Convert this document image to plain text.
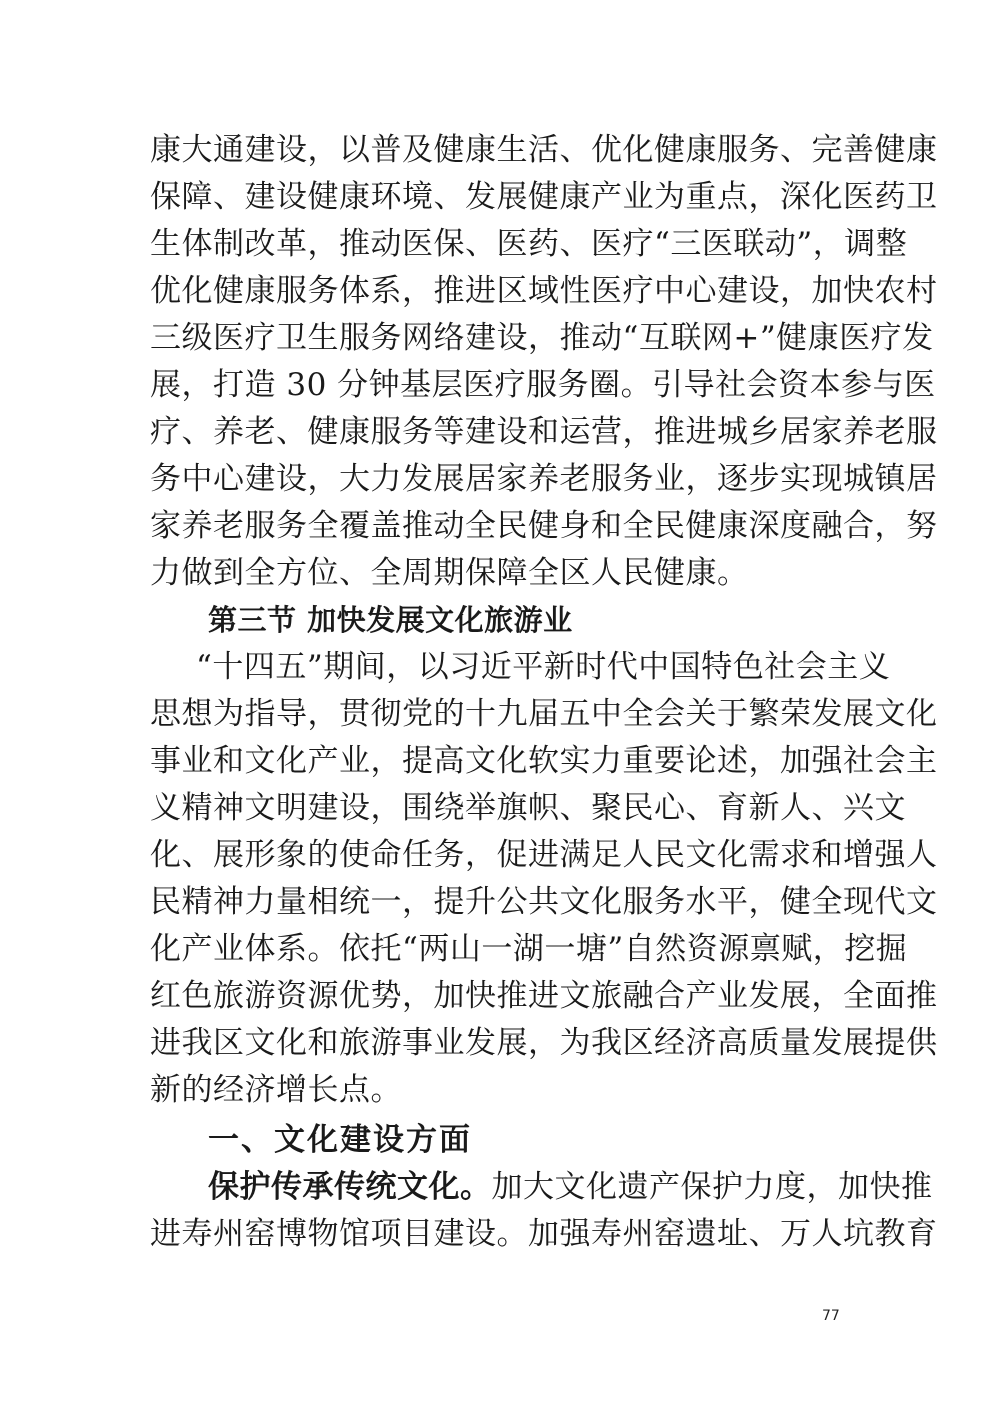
康大通建设，以普及健康生活、优化健康服务、完善健康
保障、建设健康环境、发展健康产业为重点，深化医药卫
生体制改革，推动医保、医药、医疗“三医联动”，调整
优化健康服务体系，推进区域性医疗中心建设，加快农村
三级医疗卫生服务网络建设，推动“互联网+”健康医疗发
展，打造 30 分钟基层医疗服务圈。引导社会资本参与医
疗、养老、健康服务等建设和运营，推进城乡居家养老服
务中心建设，大力发展居家养老服务业，逐步实现城镇居
家养老服务全覆盖推动全民健身和全民健康深度融合，努
力做到全方位、全周期保障全区人民健康。
第三节 加快发展文化旅游业
“十四五”期间，以习近平新时代中国特色社会主义
思想为指导，贯彻党的十九届五中全会关于繁荣发展文化
事业和文化产业，提高文化软实力重要论述，加强社会主
义精神文明建设，围绕举旗帜、聚民心、育新人、兴文
化、展形象的使命任务，促进满足人民文化需求和增强人
民精神力量相统一，提升公共文化服务水平，健全现代文
化产业体系。依托“两山一湖一塘”自然资源禀赋，挖掘
红色旅游资源优势，加快推进文旅融合产业发展，全面推
进我区文化和旅游事业发展，为我区经济高质量发展提供
新的经济增长点。
一、文化建设方面
保护传承传统文化。加大文化遗产保护力度，加快推
进寿州窑博物馆项目建设。加强寿州窑遗址、万人坑教育
77
